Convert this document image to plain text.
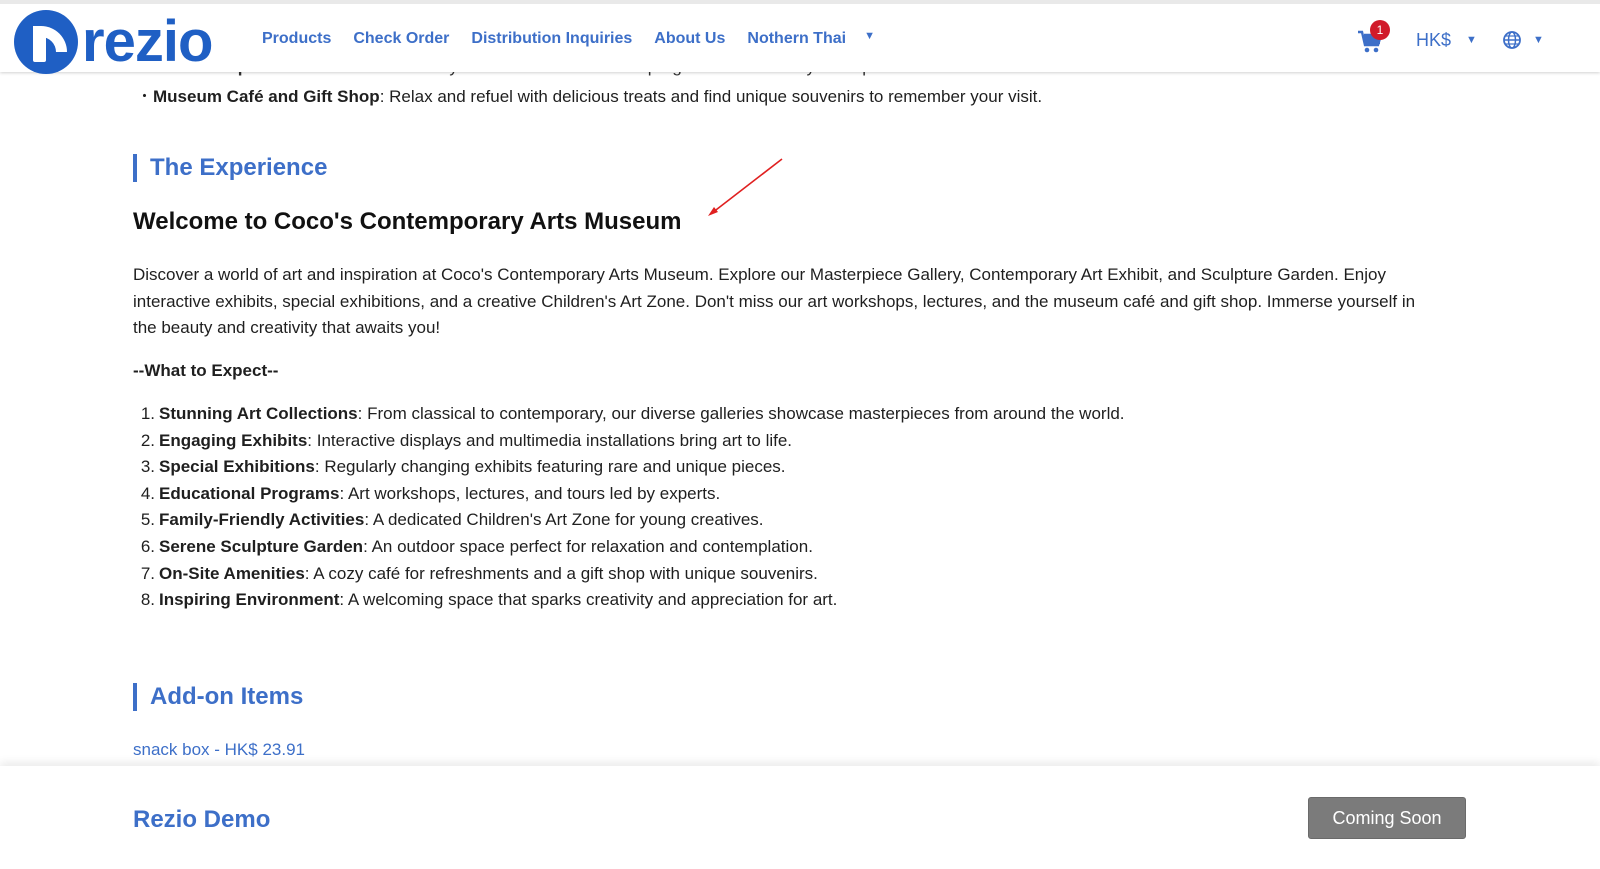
・Museum Café and Gift Shop: Relax and refuel with delicious treats and find unique souvenirs to remember your visit.
The Experience
Welcome to Coco's Contemporary Arts Museum

Discover a world of art and inspiration at Coco's Contemporary Arts Museum. Explore our Masterpiece Gallery, Contemporary Art Exhibit, and Sculpture Garden. Enjoy interactive exhibits, special exhibitions, and a creative Children's Art Zone. Don't miss our art workshops, lectures, and the museum café and gift shop. Immerse yourself in the beauty and creativity that awaits you!

--What to Expect--
1. Stunning Art Collections: From classical to contemporary, our diverse galleries showcase masterpieces from around the world.
2. Engaging Exhibits: Interactive displays and multimedia installations bring art to life.
3. Special Exhibitions: Regularly changing exhibits featuring rare and unique pieces.
4. Educational Programs: Art workshops, lectures, and tours led by experts.
5. Family-Friendly Activities: A dedicated Children's Art Zone for young creatives.
6. Serene Sculpture Garden: An outdoor space perfect for relaxation and contemplation.
7. On-Site Amenities: A cozy café for refreshments and a gift shop with unique souvenirs.
8. Inspiring Environment: A welcoming space that sparks creativity and appreciation for art.
Add-on Items
snack box - HK$ 23.91
rezio	Products Check Order Distribution Inquiries About Us Nothern Thai ▼	1	HK$ ▼	▼
Rezio Demo	Coming Soon
